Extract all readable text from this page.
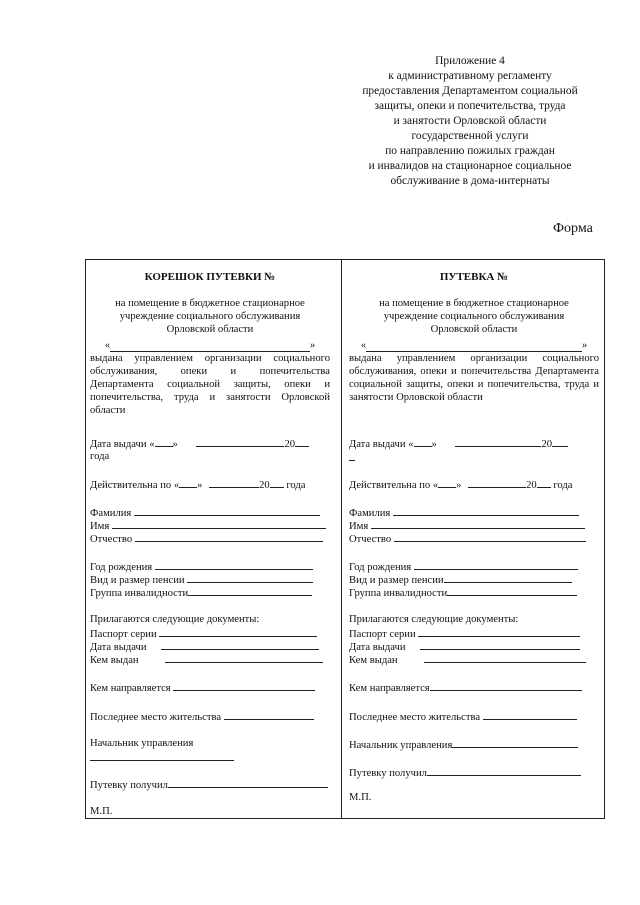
Приложение 4
к административному регламенту
предоставления Департаментом социальной
защиты, опеки и попечительства, труда
и занятости Орловской области
государственной услуги
по направлению пожилых граждан
и инвалидов на стационарное социальное
обслуживание в дома-интернаты
Форма
КОРЕШОК ПУТЕВКИ №
на помещение в бюджетное стационарное
учреждение социального обслуживания
Орловской области
«	»
выдана управлением организации социального обслуживания, опеки и попечительства Департамента социальной защиты, опеки и попечительства, труда и занятости Орловской области
Дата выдачи « »	20
года
Действительна по « »	20 года
Фамилия
Имя
Отчество
Год рождения
Вид и размер пенсии
Группа инвалидности
Прилагаются следующие документы:
Паспорт серии
Дата выдачи
Кем выдан
Кем направляется
Последнее место жительства
Начальник управления
Путевку получил
М.П.
ПУТЕВКА №
на помещение в бюджетное стационарное
учреждение социального обслуживания
Орловской области
«	»
выдана управлением организации социального обслуживания, опеки и попечительства Департамента социальной защиты, опеки и попечительства, труда и занятости Орловской области
Дата выдачи « »	20
Действительна по « »	20 года
Фамилия
Имя
Отчество
Год рождения
Вид и размер пенсии
Группа инвалидности
Прилагаются следующие документы:
Паспорт серии
Дата выдачи
Кем выдан
Кем направляется
Последнее место жительства
Начальник управления
Путевку получил
М.П.
